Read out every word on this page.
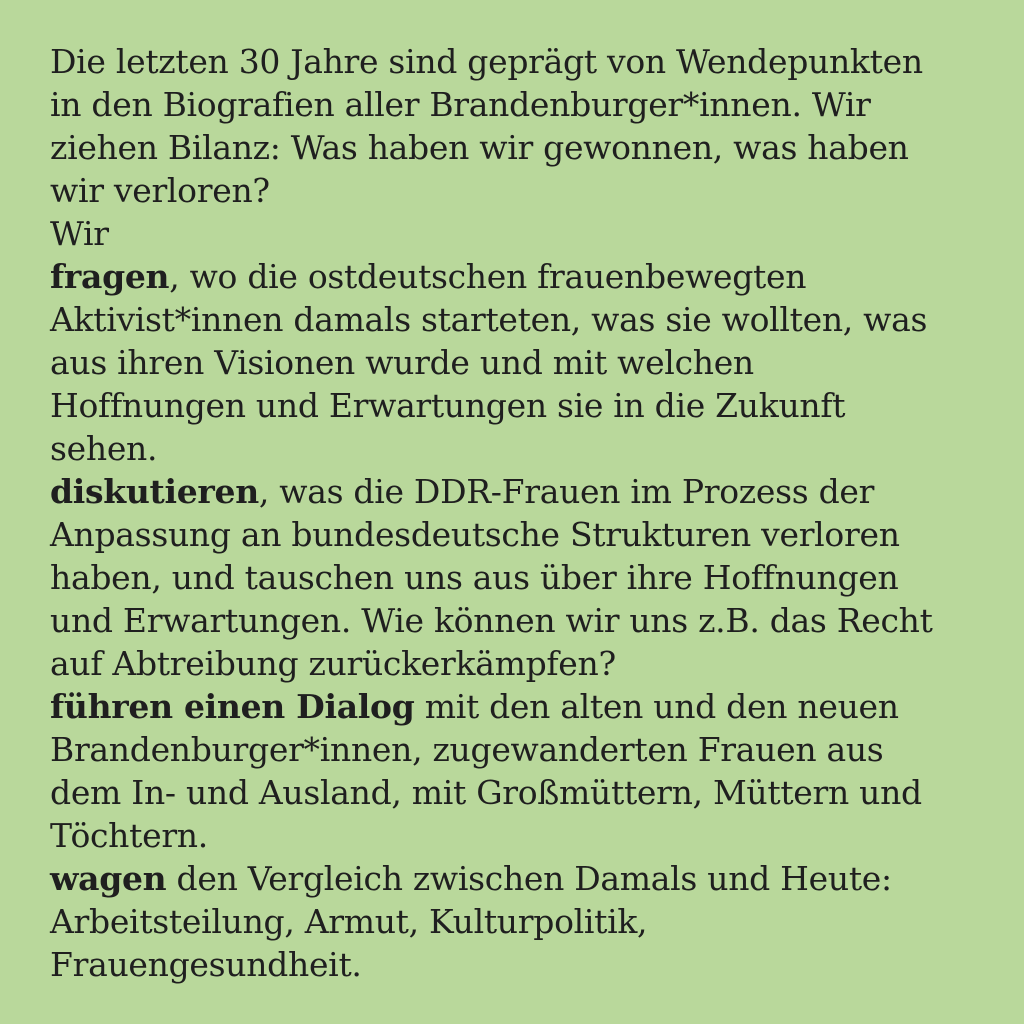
Die letzten 30 Jahre sind geprägt von Wendepunkten
in den Biografien aller Brandenburger*innen. Wir
ziehen Bilanz: Was haben wir gewonnen, was haben
wir verloren?
Wir
fragen, wo die ostdeutschen frauenbewegten
Aktivist*innen damals starteten, was sie wollten, was
aus ihren Visionen wurde und mit welchen
Hoffnungen und Erwartungen sie in die Zukunft
sehen.
diskutieren, was die DDR-Frauen im Prozess der
Anpassung an bundesdeutsche Strukturen verloren
haben, und tauschen uns aus über ihre Hoffnungen
und Erwartungen. Wie können wir uns z.B. das Recht
auf Abtreibung zurückerkämpfen?
führen einen Dialog mit den alten und den neuen
Brandenburger*innen, zugewanderten Frauen aus
dem In- und Ausland, mit Großmüttern, Müttern und
Töchtern.
wagen den Vergleich zwischen Damals und Heute:
Arbeitsteilung, Armut, Kulturpolitik,
Frauengesundheit.
